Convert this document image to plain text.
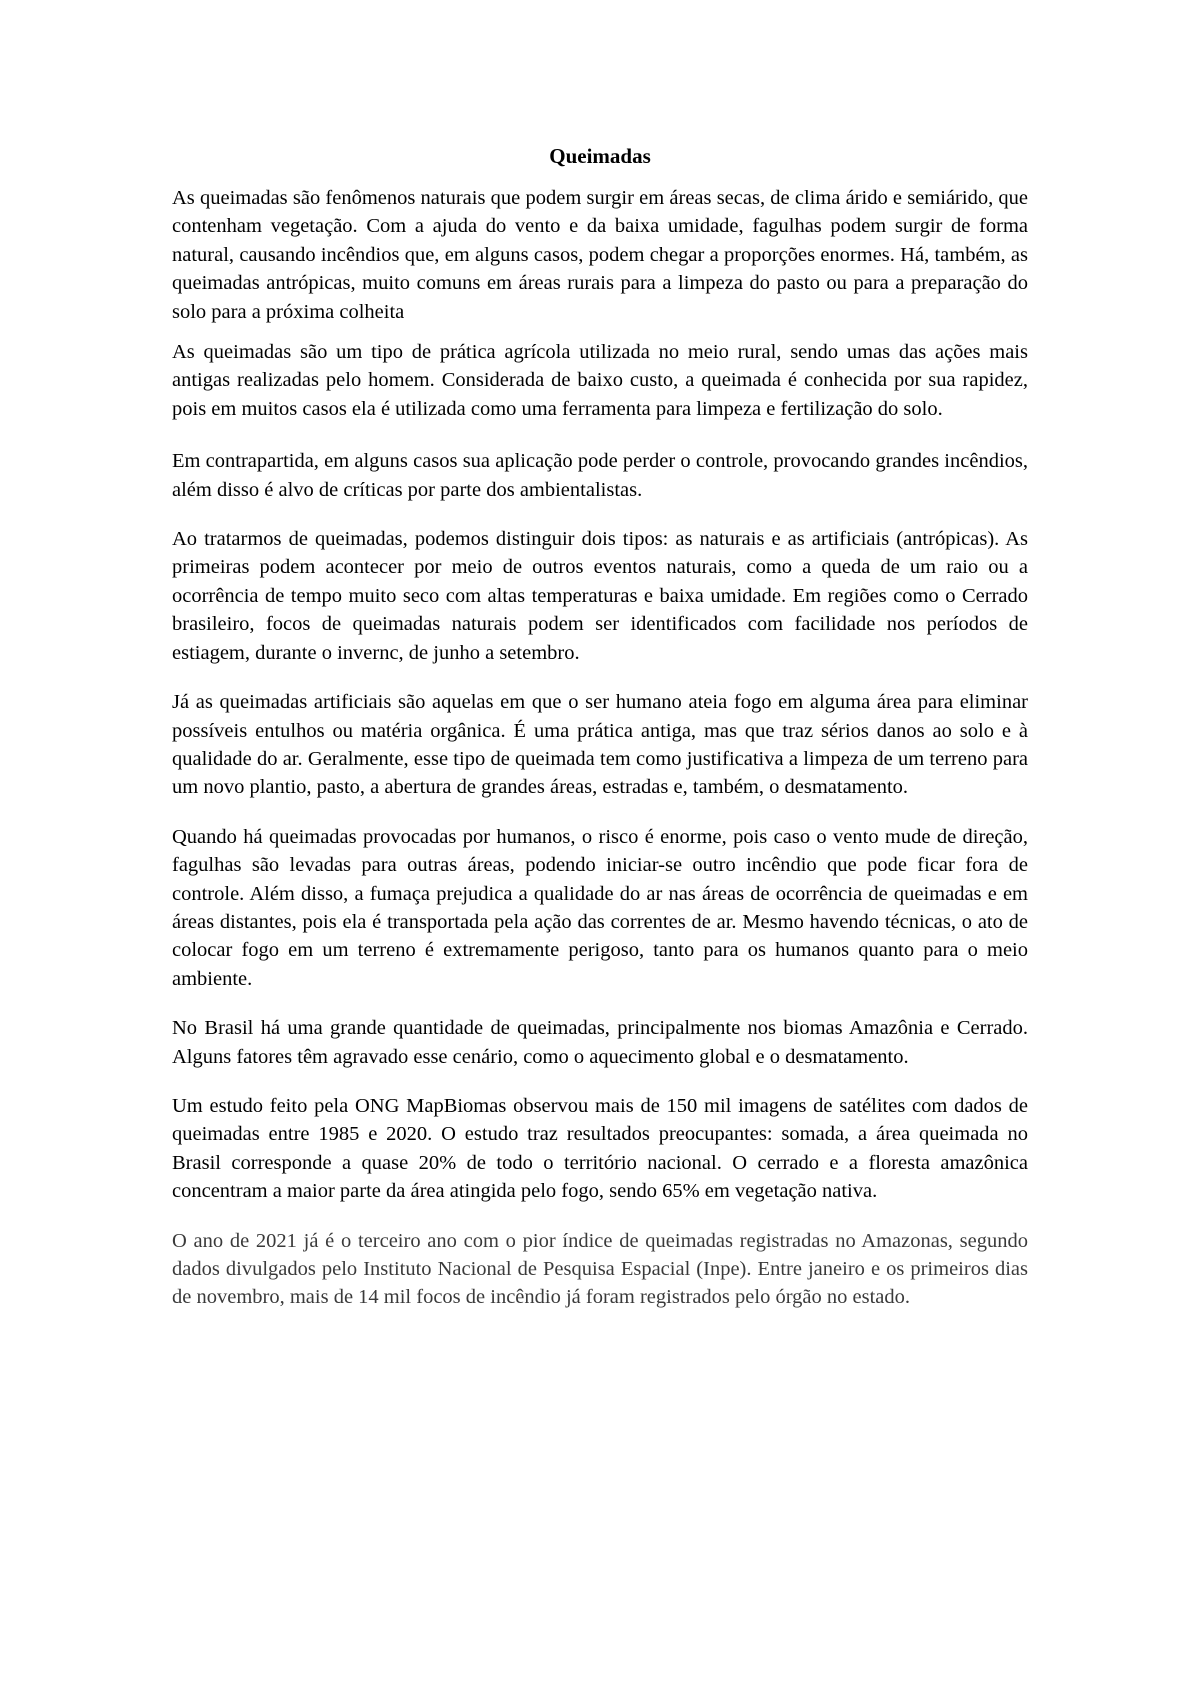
Queimadas

As queimadas são fenômenos naturais que podem surgir em áreas secas, de clima árido e semiárido, que contenham vegetação. Com a ajuda do vento e da baixa umidade, fagulhas podem surgir de forma natural, causando incêndios que, em alguns casos, podem chegar a proporções enormes. Há, também, as queimadas antrópicas, muito comuns em áreas rurais para a limpeza do pasto ou para a preparação do solo para a próxima colheita

As queimadas são um tipo de prática agrícola utilizada no meio rural, sendo umas das ações mais antigas realizadas pelo homem. Considerada de baixo custo, a queimada é conhecida por sua rapidez, pois em muitos casos ela é utilizada como uma ferramenta para limpeza e fertilização do solo.

Em contrapartida, em alguns casos sua aplicação pode perder o controle, provocando grandes incêndios, além disso é alvo de críticas por parte dos ambientalistas.

Ao tratarmos de queimadas, podemos distinguir dois tipos: as naturais e as artificiais (antrópicas). As primeiras podem acontecer por meio de outros eventos naturais, como a queda de um raio ou a ocorrência de tempo muito seco com altas temperaturas e baixa umidade. Em regiões como o Cerrado brasileiro, focos de queimadas naturais podem ser identificados com facilidade nos períodos de estiagem, durante o invernc, de junho a setembro.

Já as queimadas artificiais são aquelas em que o ser humano ateia fogo em alguma área para eliminar possíveis entulhos ou matéria orgânica. É uma prática antiga, mas que traz sérios danos ao solo e à qualidade do ar. Geralmente, esse tipo de queimada tem como justificativa a limpeza de um terreno para um novo plantio, pasto, a abertura de grandes áreas, estradas e, também, o desmatamento.

Quando há queimadas provocadas por humanos, o risco é enorme, pois caso o vento mude de direção, fagulhas são levadas para outras áreas, podendo iniciar-se outro incêndio que pode ficar fora de controle. Além disso, a fumaça prejudica a qualidade do ar nas áreas de ocorrência de queimadas e em áreas distantes, pois ela é transportada pela ação das correntes de ar. Mesmo havendo técnicas, o ato de colocar fogo em um terreno é extremamente perigoso, tanto para os humanos quanto para o meio ambiente.

No Brasil há uma grande quantidade de queimadas, principalmente nos biomas Amazônia e Cerrado. Alguns fatores têm agravado esse cenário, como o aquecimento global e o desmatamento.

Um estudo feito pela ONG MapBiomas observou mais de 150 mil imagens de satélites com dados de queimadas entre 1985 e 2020. O estudo traz resultados preocupantes: somada, a área queimada no Brasil corresponde a quase 20% de todo o território nacional. O cerrado e a floresta amazônica concentram a maior parte da área atingida pelo fogo, sendo 65% em vegetação nativa.

O ano de 2021 já é o terceiro ano com o pior índice de queimadas registradas no Amazonas, segundo dados divulgados pelo Instituto Nacional de Pesquisa Espacial (Inpe). Entre janeiro e os primeiros dias de novembro, mais de 14 mil focos de incêndio já foram registrados pelo órgão no estado.
